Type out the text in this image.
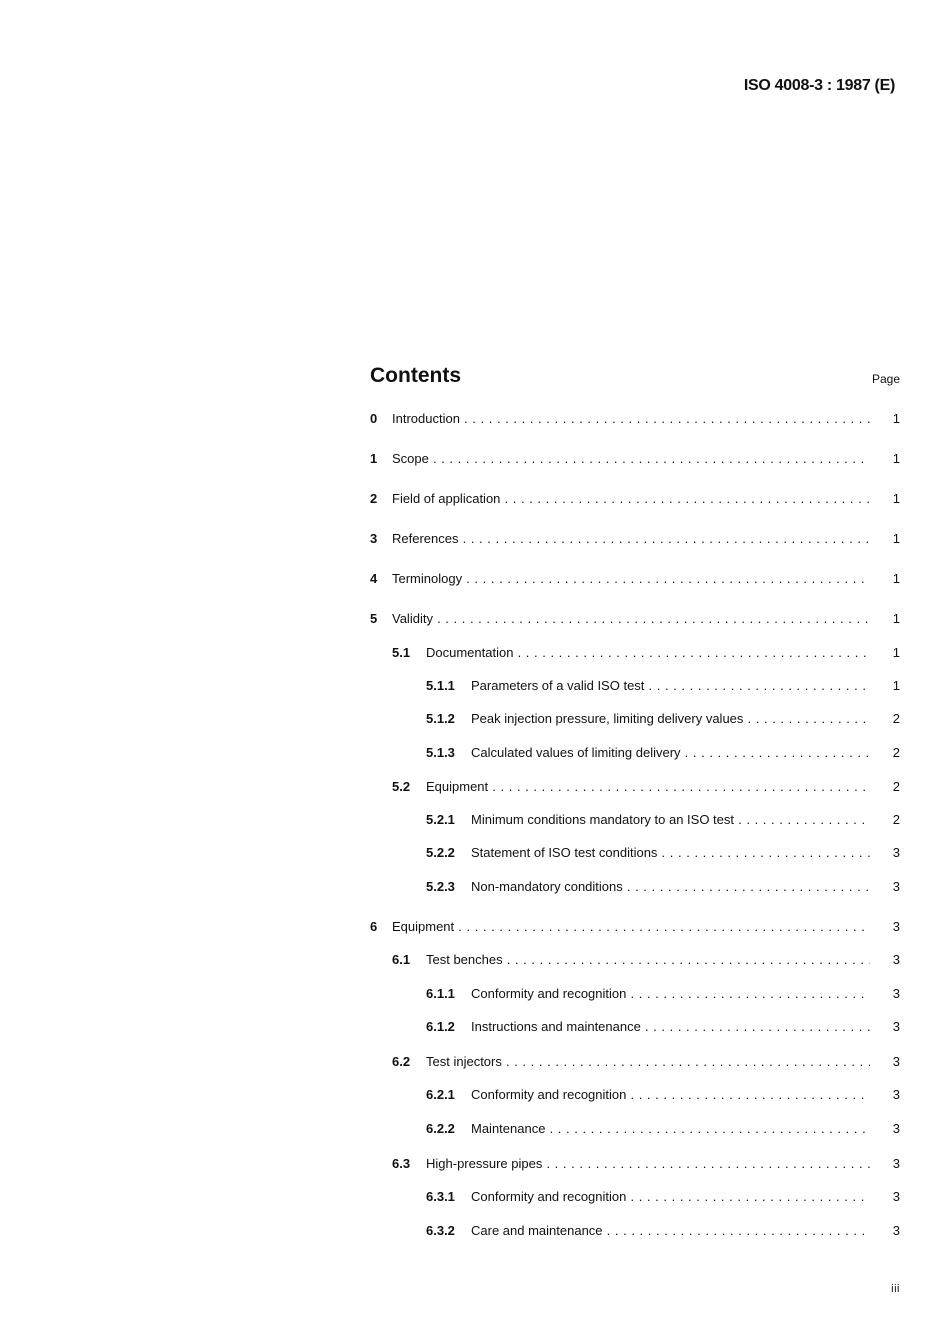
ISO 4008-3 : 1987 (E)
Contents	Page
0 Introduction . . .	1
1 Scope . . .	1
2 Field of application . . .	1
3 References . . .	1
4 Terminology . . .	1
5 Validity . . .	1
5.1 Documentation . . .	1
5.1.1 Parameters of a valid ISO test . . .	1
5.1.2 Peak injection pressure, limiting delivery values . . .	2
5.1.3 Calculated values of limiting delivery . . .	2
5.2 Equipment . . .	2
5.2.1 Minimum conditions mandatory to an ISO test . . .	2
5.2.2 Statement of ISO test conditions . . .	3
5.2.3 Non-mandatory conditions . . .	3
6 Equipment . . .	3
6.1 Test benches . . .	3
6.1.1 Conformity and recognition . . .	3
6.1.2 Instructions and maintenance . . .	3
6.2 Test injectors . . .	3
6.2.1 Conformity and recognition . . .	3
6.2.2 Maintenance . . .	3
6.3 High-pressure pipes . . .	3
6.3.1 Conformity and recognition . . .	3
6.3.2 Care and maintenance . . .	3
iii
